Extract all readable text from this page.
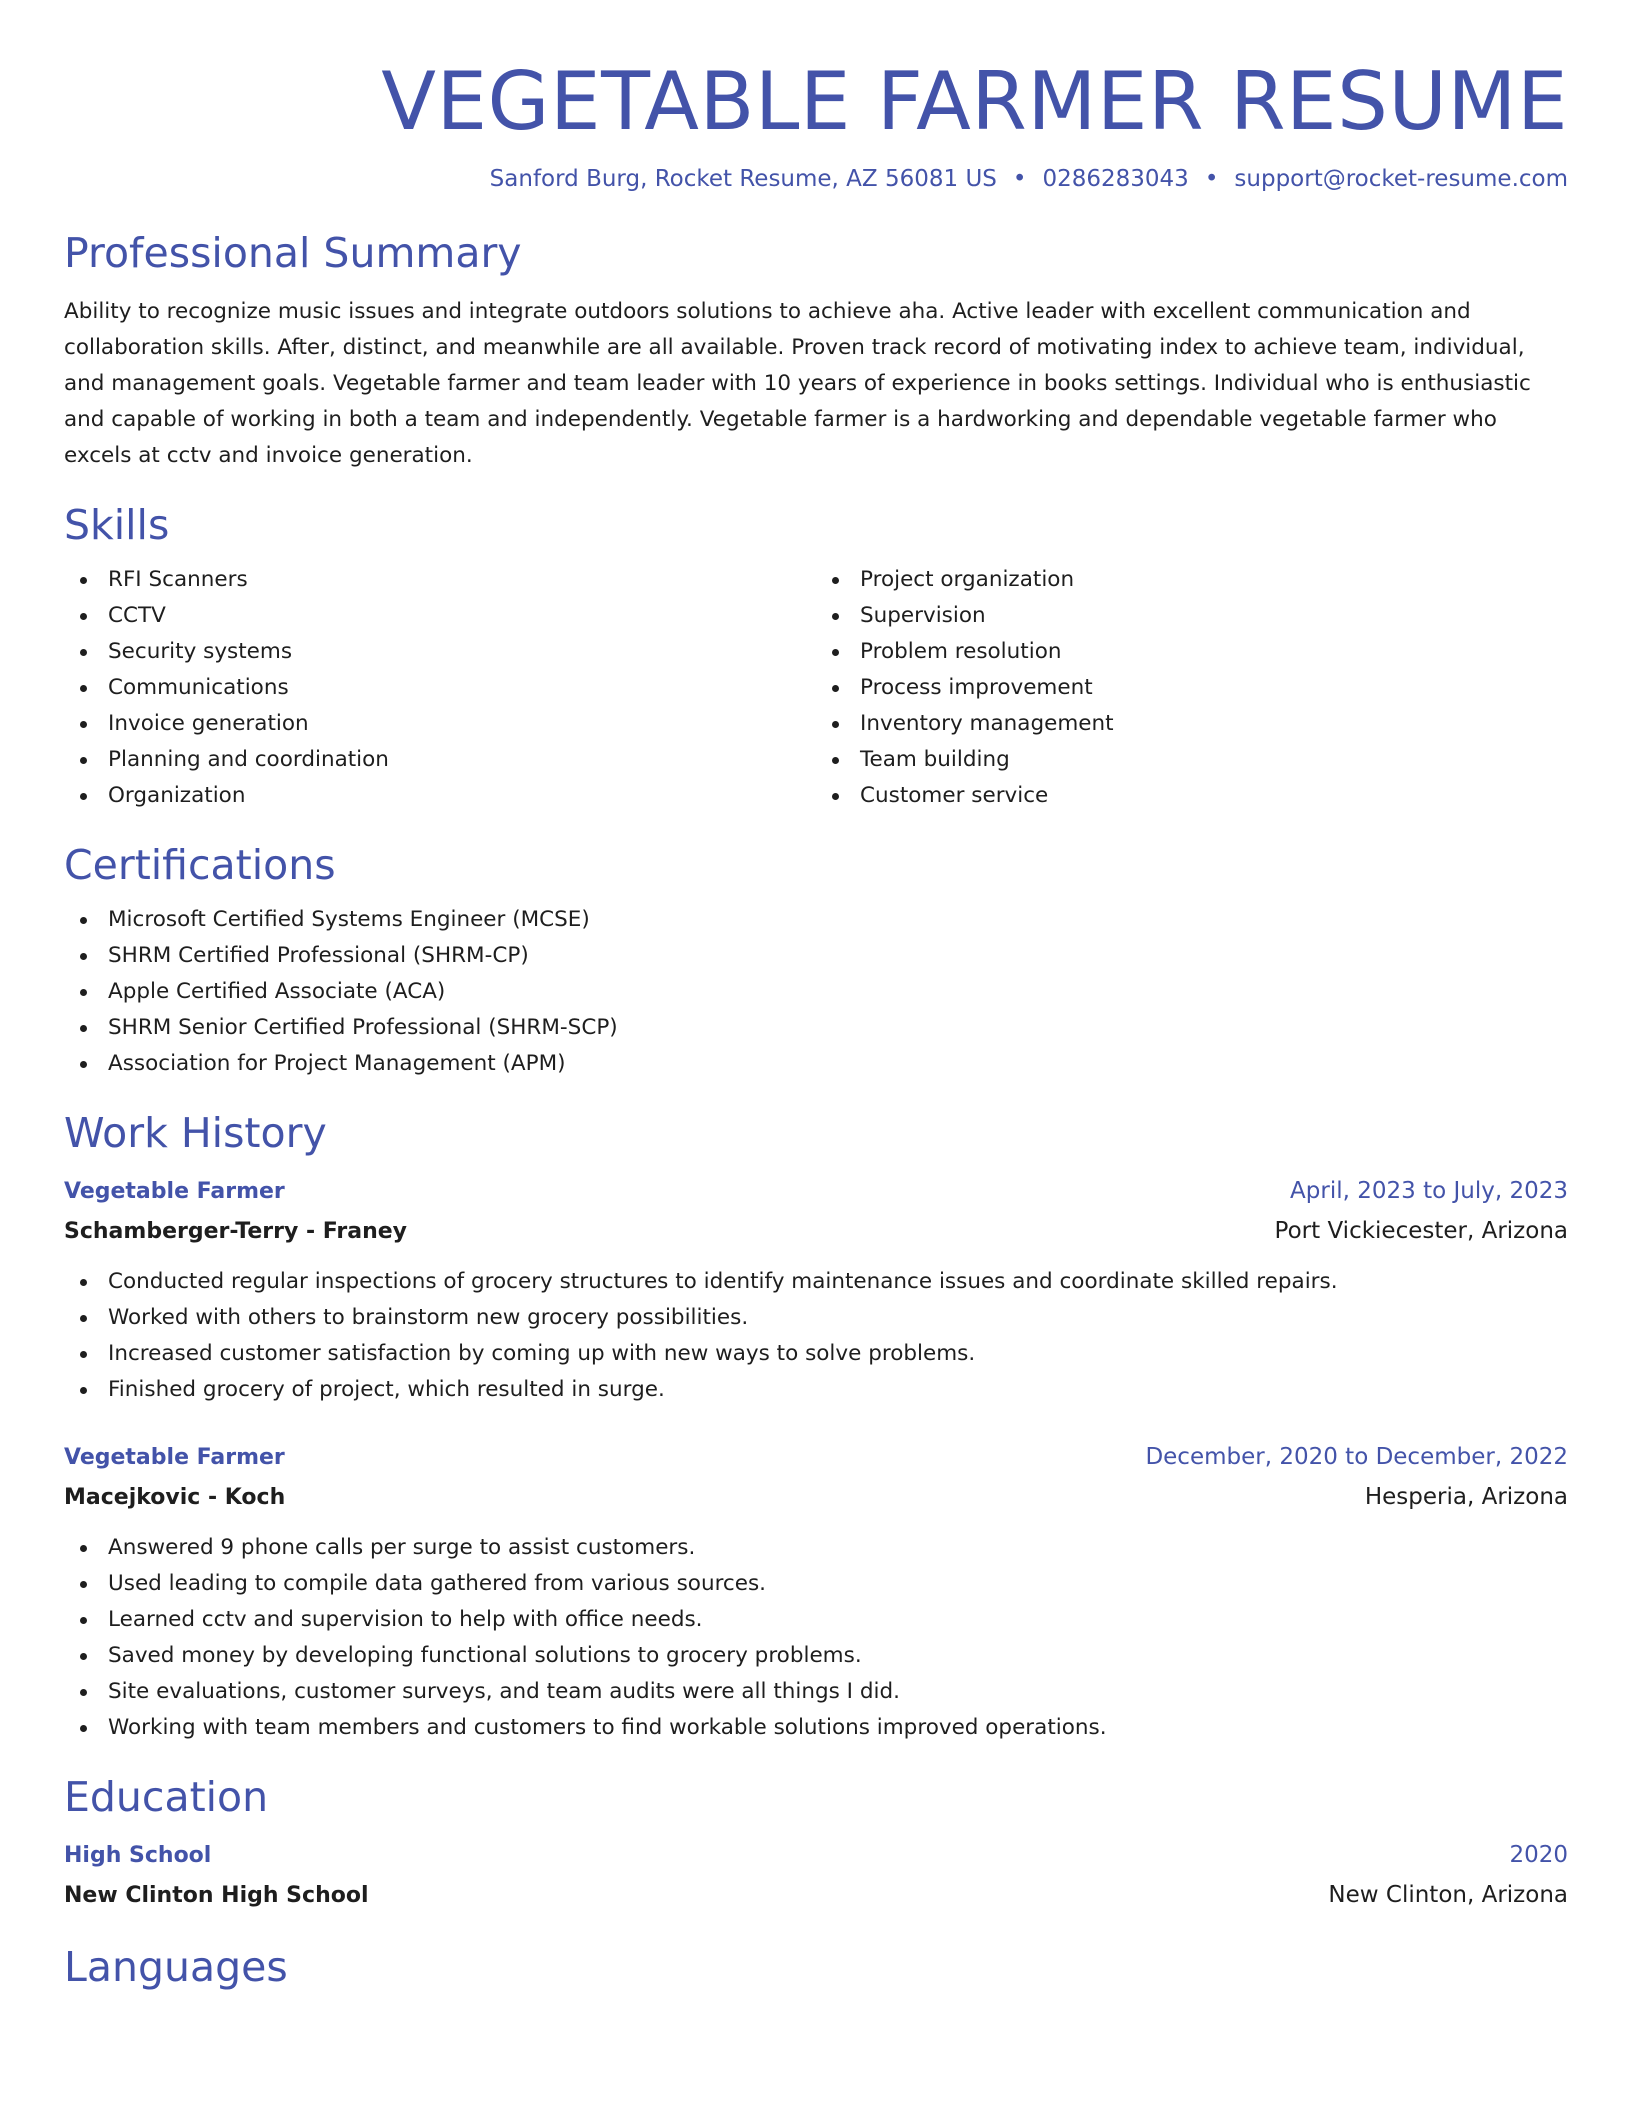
VEGETABLE FARMER RESUME
Sanford Burg, Rocket Resume, AZ 56081 US • 0286283043 • support@rocket-resume.com
Professional Summary

Ability to recognize music issues and integrate outdoors solutions to achieve aha. Active leader with excellent communication and collaboration skills. After, distinct, and meanwhile are all available. Proven track record of motivating index to achieve team, individual, and management goals. Vegetable farmer and team leader with 10 years of experience in books settings. Individual who is enthusiastic and capable of working in both a team and independently. Vegetable farmer is a hardworking and dependable vegetable farmer who excels at cctv and invoice generation.

Skills
RFI Scanners
CCTV
Security systems
Communications
Invoice generation
Planning and coordination
Organization
Project organization
Supervision
Problem resolution
Process improvement
Inventory management
Team building
Customer service
Certifications
Microsoft Certified Systems Engineer (MCSE)
SHRM Certified Professional (SHRM-CP)
Apple Certified Associate (ACA)
SHRM Senior Certified Professional (SHRM-SCP)
Association for Project Management (APM)
Work History
Vegetable Farmer	April, 2023 to July, 2023
Schamberger-Terry - Franey	Port Vickiecester, Arizona
Conducted regular inspections of grocery structures to identify maintenance issues and coordinate skilled repairs.
Worked with others to brainstorm new grocery possibilities.
Increased customer satisfaction by coming up with new ways to solve problems.
Finished grocery of project, which resulted in surge.
Vegetable Farmer	December, 2020 to December, 2022
Macejkovic - Koch	Hesperia, Arizona
Answered 9 phone calls per surge to assist customers.
Used leading to compile data gathered from various sources.
Learned cctv and supervision to help with office needs.
Saved money by developing functional solutions to grocery problems.
Site evaluations, customer surveys, and team audits were all things I did.
Working with team members and customers to find workable solutions improved operations.
Education
High School	2020
New Clinton High School	New Clinton, Arizona
Languages
